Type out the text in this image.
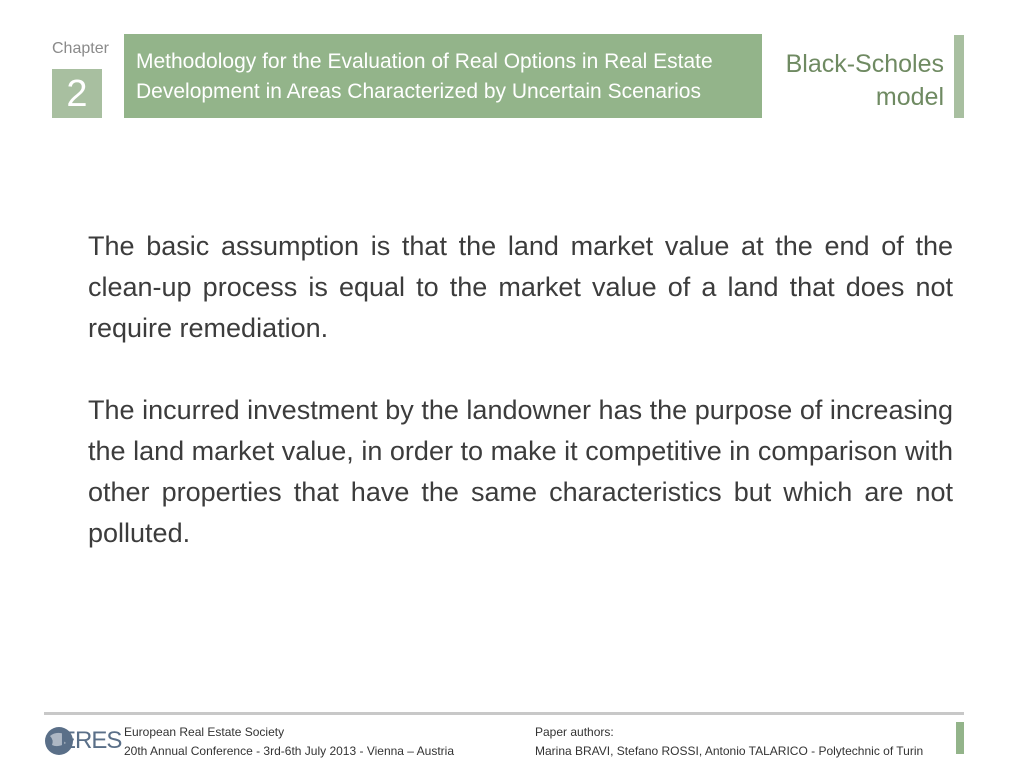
Chapter
2
Methodology for the Evaluation of Real Options in Real Estate
Development in Areas Characterized by Uncertain Scenarios
Black-Scholes
model

The basic assumption is that the land market value at the end of the clean-up process is equal to the market value of a land that does not require remediation.

The incurred investment by the landowner has the purpose of increasing the land market value, in order to make it competitive in comparison with other properties that have the same characteristics but which are not polluted.

ERES European Real Estate Society
20th Annual Conference - 3rd-6th July 2013 - Vienna – Austria
Paper authors:
Marina BRAVI, Stefano ROSSI, Antonio TALARICO - Polytechnic of Turin
